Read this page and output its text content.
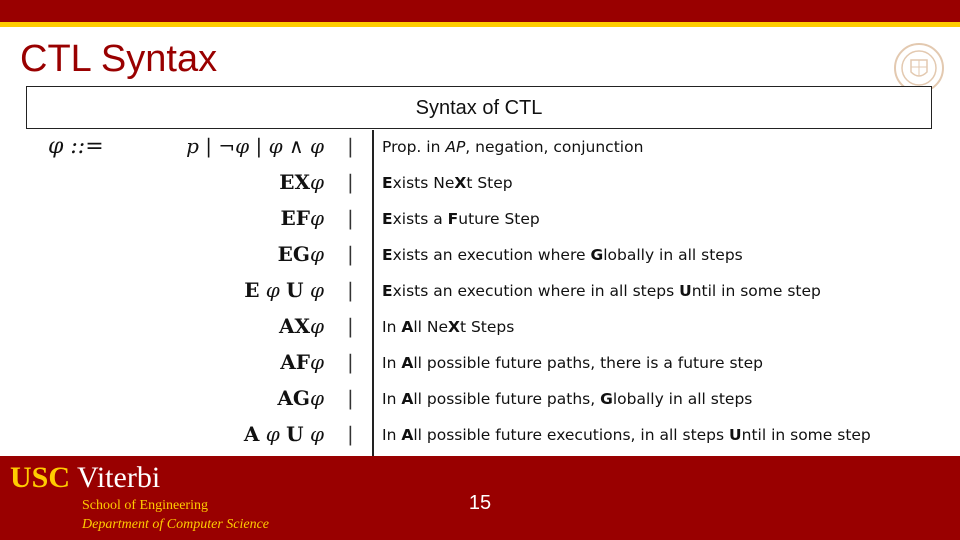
CTL Syntax
Syntax of CTL
φ ::=	p | ¬φ | φ ∧ φ | Prop. in AP, negation, conjunction
EXφ | Exists NeXt Step
EFφ | Exists a Future Step
EGφ | Exists an execution where Globally in all steps
E φ U φ | Exists an execution where in all steps Until in some step
AXφ | In All NeXt Steps
AFφ | In All possible future paths, there is a future step
AGφ | In All possible future paths, Globally in all steps
A φ U φ | In All possible future executions, in all steps Until in some step
USC Viterbi
School of Engineering
Department of Computer Science
15
